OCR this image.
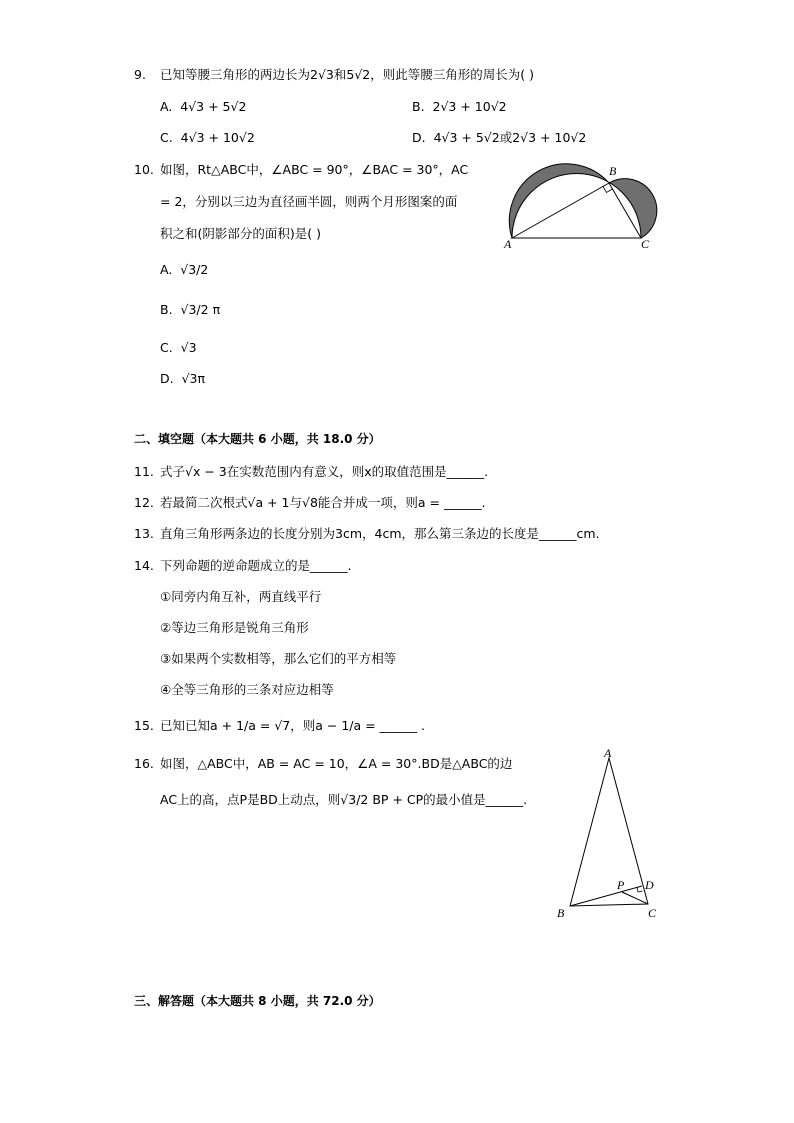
9. 已知等腰三角形的两边长为2√3和5√2，则此等腰三角形的周长为( )
A. 4√3 + 5√2	B. 2√3 + 10√2
C. 4√3 + 10√2	D. 4√3 + 5√2或2√3 + 10√2
10. 如图，Rt△ABC中，∠ABC = 90°，∠BAC = 30°，AC
= 2，分别以三边为直径画半圆，则两个月形图案的面
积之和(阴影部分的面积)是( )
A. √3/2
B. √3/2 π
C. √3
D. √3π
A
B
C
二、填空题（本大题共 6 小题，共 18.0 分）
11. 式子√x − 3在实数范围内有意义，则x的取值范围是______.
12. 若最简二次根式√a + 1与√8能合并成一项，则a = ______.
13. 直角三角形两条边的长度分别为3cm，4cm，那么第三条边的长度是______cm.
14. 下列命题的逆命题成立的是______.
①同旁内角互补，两直线平行
②等边三角形是锐角三角形
③如果两个实数相等，那么它们的平方相等
④全等三角形的三条对应边相等
15. 已知已知a + 1/a = √7，则a − 1/a = ______ .
16. 如图，△ABC中，AB = AC = 10，∠A = 30°.BD是△ABC的边
AC上的高，点P是BD上动点，则√3/2 BP + CP的最小值是______.
A
B	C
D
P
三、解答题（本大题共 8 小题，共 72.0 分）
